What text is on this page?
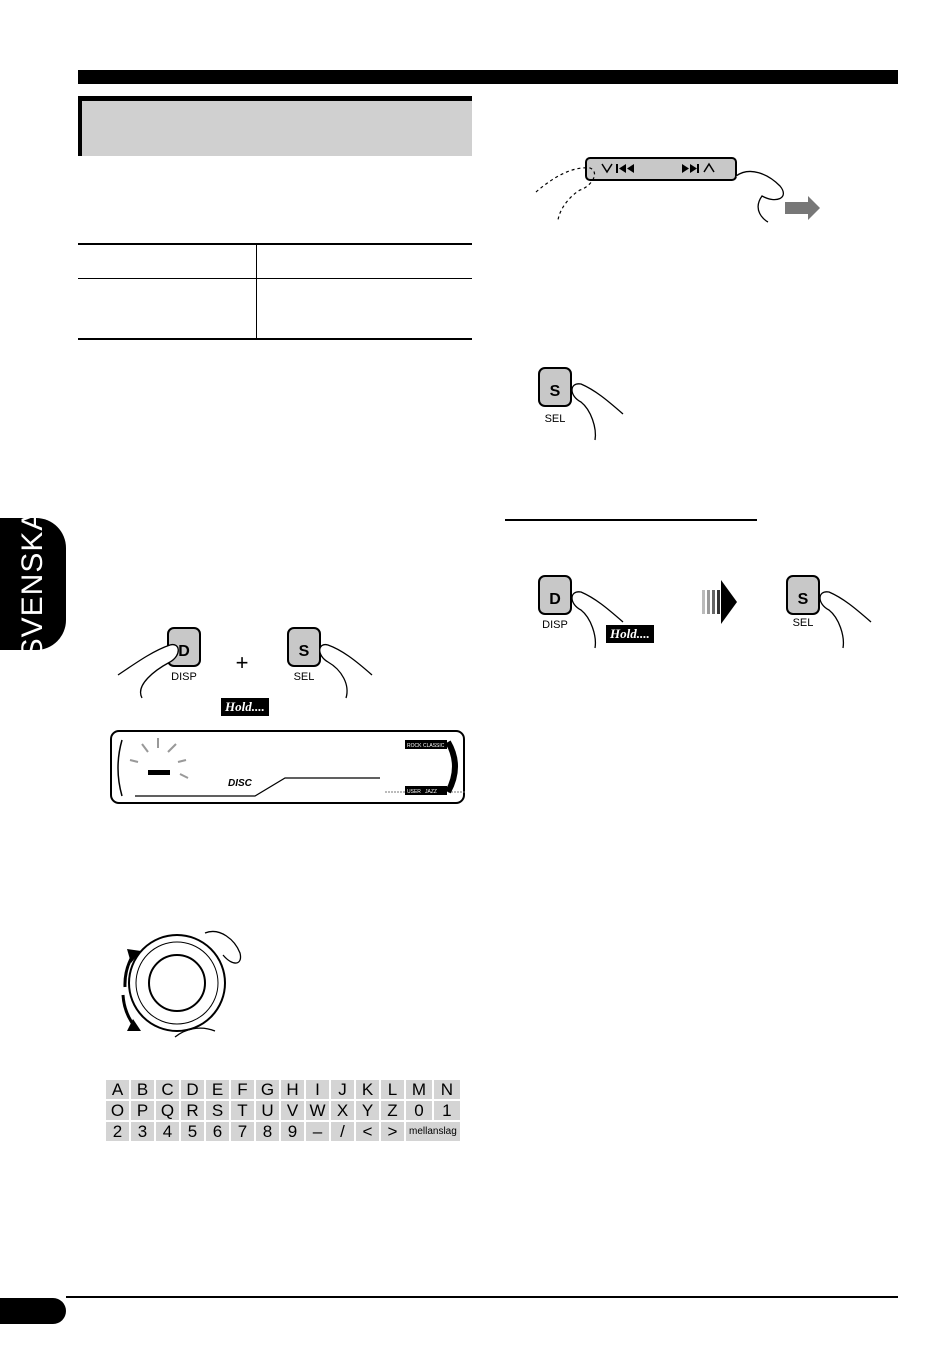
SVENSKA	D
DISP
+	S
SEL
Hold....
DISC
ROCK CLASSIC
USER JAZZ
A	B	C	D	E	F	G	H	I	J	K	L	M	N
O	P	Q	R	S	T	U	V	W	X	Y	Z	0	1
2	3	4	5	6	7	8	9	–	/	<	>	mellanslag	
S
SEL
D
DISP
S
SEL
Hold....
